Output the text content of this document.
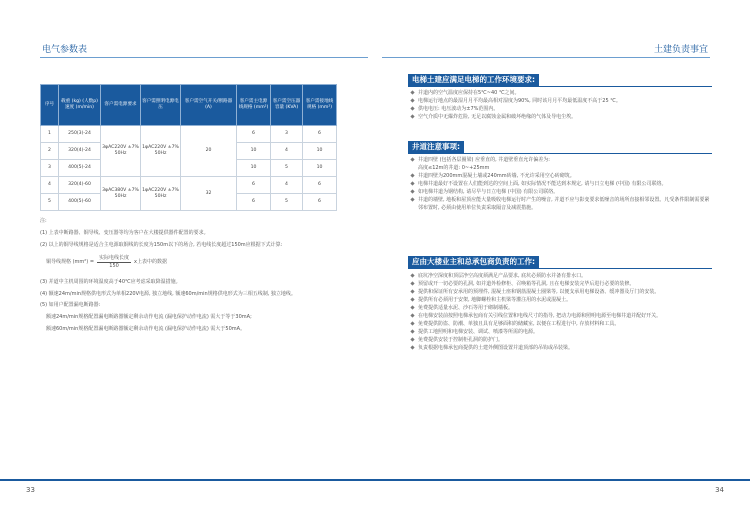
电气参数表	土建负责事宜
序号	载重 (kg) (人数p) 速度 (m/min)	客户需电源要求	客户需照明电源电压	客户需空气开关/断路器 (A)	客户需主电源线规格 (mm²)	客户需空压器容量 (KVA)	客户需接地线规格 (mm²)
1	250(3)-24	3φAC220V ±7% 50Hz	1φAC220V ±7% 50Hz	20	6	3	6
2	320(4)-24				10	4	10
3	400(5)-24				10	5	10
4	320(4)-60	3φAC380V ±7% 50Hz	1φAC220V ±7% 50Hz	32	6	4	6
5	400(5)-60				6	5	6
注:
(1) 上表中断路器、铜导线、变压器等均为客户在大楼提供器件配置的要求。
(2) 以上的铜导线规格是适合主电源取铜线的长度为150m以下的场合, 若电线长度超过150m应根据下式计算:
铜导线规格 $(mm^2) = \frac{\text{实际电线长度}}{150}$ x上表中的数据
(3) 并道中主机周围的环境温度高于40℃应考虑采取降温措施。
(4) 额速24m/min规格供电形式为单相220V电源, 独立地线, 额速60m/min规格供电形式为三相五线制, 独立地线。
(5) 如用户配置漏电断路器:
额速24m/min规格配置漏电断路器额定剩余动作电流 (漏电保护动作电流) 需大于等于30mA;
额速60m/min规格配置漏电断路器额定剩余动作电流 (漏电保护动作电流) 需大于50mA。
电梯土建应满足电梯的工作环境要求:
并道内的空气温度应保持在5℃~40 ℃之间。
电梯运行地点的最湿月月平均最高相对湿度为90%, 同时该月月平均最低温度不高于25 ℃。
供电电压: 电压波动为±7%范围内。
空气介质中无爆炸危险, 无足以腐蚀金属和破坏绝缘的气体及导电尘埃。
井道注意事项:
井道四壁 (包括各层圈梁) 应垂直的, 井道壁垂直允许偏差为:
高度≤12m的井道: 0~+25mm
井道四壁为200mm混凝土墙或240mm砖墙, 不允许采用空心砖砌筑。
电梯井道最好不设置在人们能到达的空间上面, 如实际情况不能达到本规定, 请与日立电梯 (中国) 有限公司联络。
如电梯井道为钢结构, 请尽早与日立电梯 (中国) 有限公司联络。
井道的墙壁, 地板和屋顶应能大量吸收电梯运行时产生的噪音, 并道不应与影变要求低噪音的场所直接相邻设置。凡受条件限制需要紧邻布置时, 必须由使用单位负责采取隔音及减震措施。
应由大楼业主和总承包商负责的工作:
底坑净空深度和顶层净空高度须满足产品要求, 底坑必须防水并备有排水口。
预留或开一切必要的孔洞, 如并道外检修柜、召唤箱等孔洞, 且在电梯安装完毕后进行必要的装修。
提供和保证所有安承用的预埋件, 混凝土座和钢筋混凝土圈梁等, 以便支承用电梯设备、缓冲器及厅门的安装。
提供所有必须用于安架, 地脚螺栓和主机梁等灌注用的水泥或混凝土。
免费提供适量水泥、沙石等用于砌制墙板。
在电梯安装前按照电梯承包商有关引线位置和电线尺寸的指导, 把动力电源和照明电源至电梯井道并配好开关。
免费提供防盗、防潮、单独且具有足够面积的储藏室, 以便在工程进行中, 存放材料和工具。
提供工地照明和电梯安装、调试、喷漆等所需的电源。
免费提供安装于控制柜孔洞的防护门。
负责根据电梯承包商提供的土建外侧图设置并道顶部的吊钩或吊装梁。
33	34
